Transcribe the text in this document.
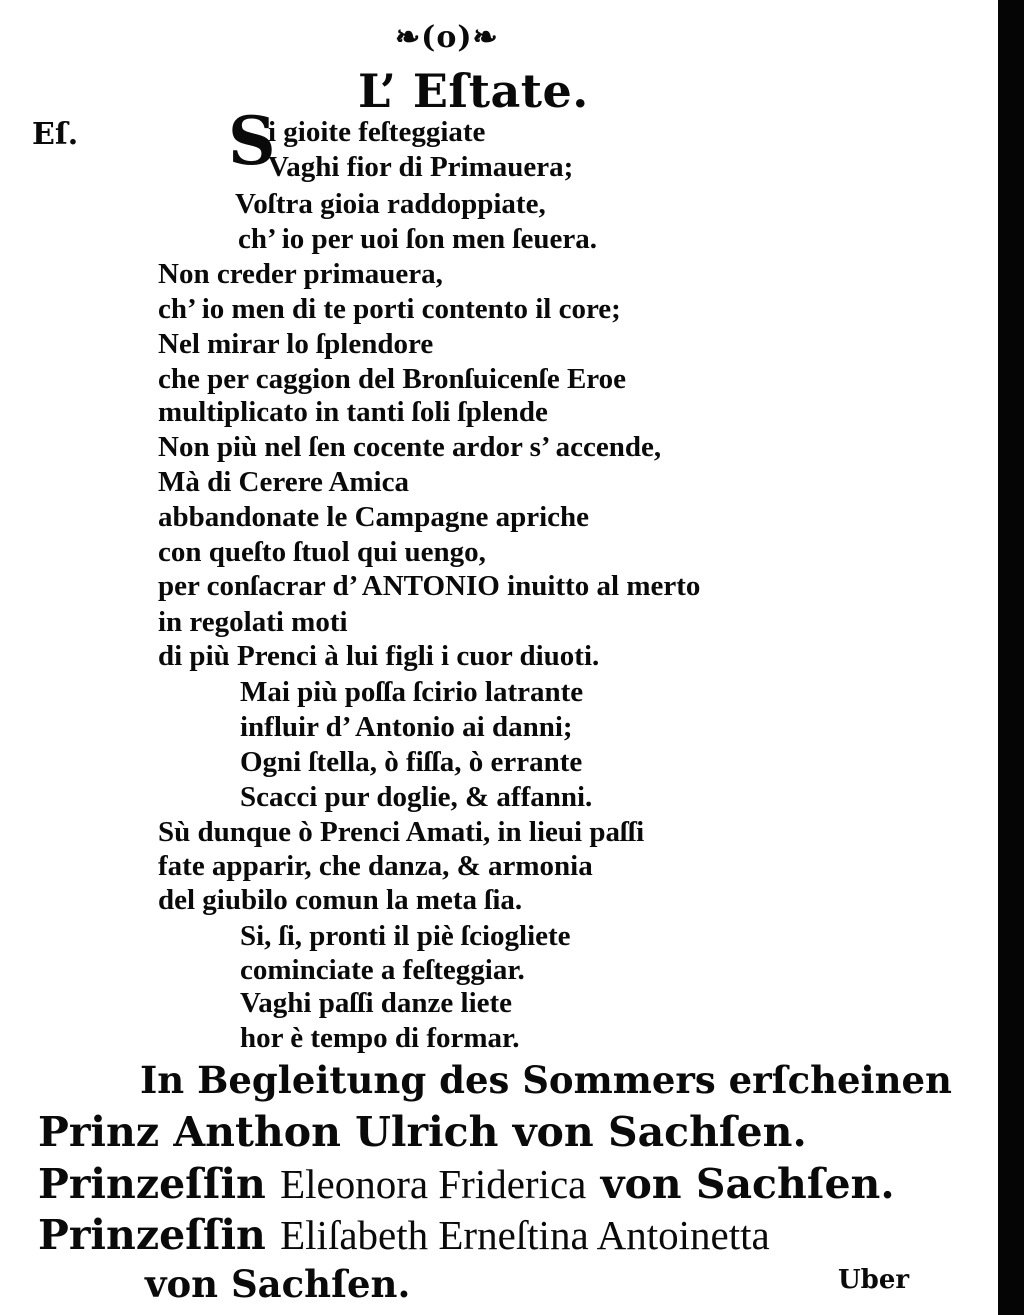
❧(o)❧
L’ Eſtate.
Eſ. S
i gioite feſteggiate
Vaghi fior di Primauera;
Voſtra gioia raddoppiate,
ch’ io per uoi ſon men ſeuera.
Non creder primauera,
ch’ io men di te porti contento il core;
Nel mirar lo ſplendore
che per caggion del Bronſuicenſe Eroe
multiplicato in tanti ſoli ſplende
Non più nel ſen cocente ardor s’ accende,
Mà di Cerere Amica
abbandonate le Campagne apriche
con queſto ſtuol qui uengo,
per conſacrar d’ ANTONIO inuitto al merto
in regolati moti
di più Prenci à lui figli i cuor diuoti.
Mai più poſſa ſcirio latrante
influir d’ Antonio ai danni;
Ogni ſtella, ò fiſſa, ò errante
Scacci pur doglie, & affanni.
Sù dunque ò Prenci Amati, in lieui paſſi
fate apparir, che danza, & armonia
del giubilo comun la meta ſia.
Si, ſi, pronti il piè ſciogliete
cominciate a feſteggiar.
Vaghi paſſi danze liete
hor è tempo di formar.
In Begleitung des Sommers erſcheinen
Prinz Anthon Ulrich von Sachſen.
Prinzeſſin Eleonora Friderica von Sachſen.
Prinzeſſin Eliſabeth Erneſtina Antoinetta
von Sachſen.	Uber
